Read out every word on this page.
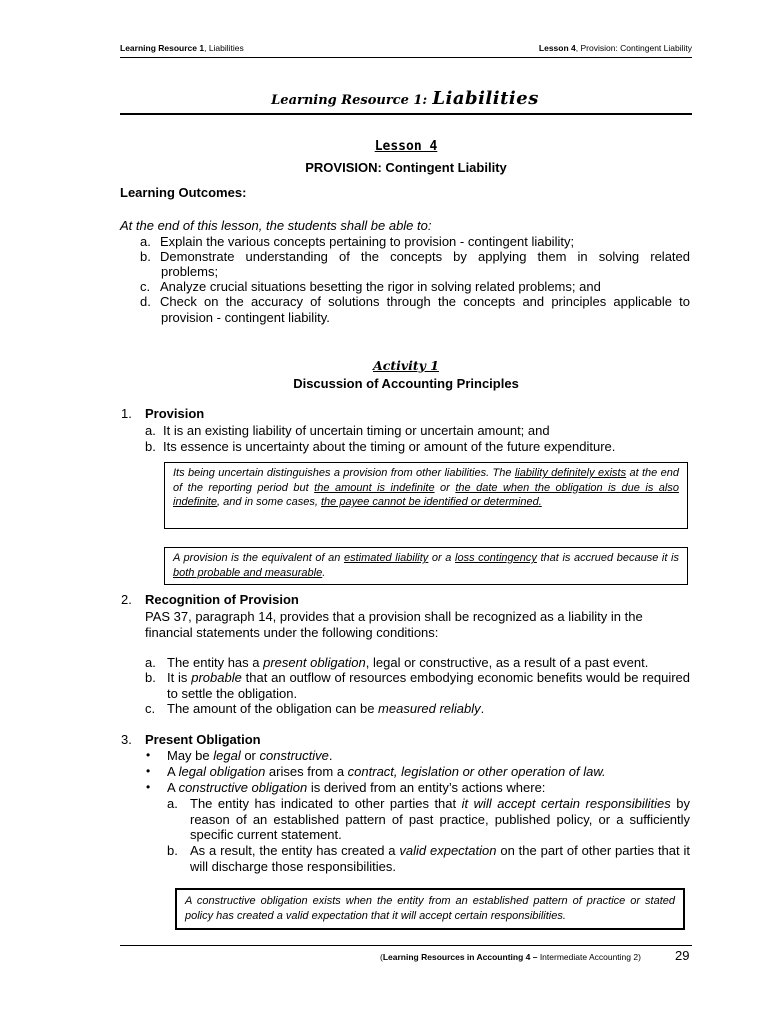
Learning Resource 1, Liabilities	Lesson 4, Provision: Contingent Liability
Learning Resource 1: Liabilities
Lesson 4
PROVISION: Contingent Liability
Learning Outcomes:
At the end of this lesson, the students shall be able to:
a. Explain the various concepts pertaining to provision - contingent liability;
b. Demonstrate understanding of the concepts by applying them in solving related
problems;
c. Analyze crucial situations besetting the rigor in solving related problems; and
d. Check on the accuracy of solutions through the concepts and principles applicable to
provision - contingent liability.
Activity 1
Discussion of Accounting Principles
1. Provision
a. It is an existing liability of uncertain timing or uncertain amount; and
b. Its essence is uncertainty about the timing or amount of the future expenditure.
Its being uncertain distinguishes a provision from other liabilities. The liability definitely exists at the end of the reporting period but the amount is indefinite or the date when the obligation is due is also indefinite, and in some cases, the payee cannot be identified or determined.
A provision is the equivalent of an estimated liability or a loss contingency that is accrued because it is both probable and measurable.
2. Recognition of Provision
PAS 37, paragraph 14, provides that a provision shall be recognized as a liability in the financial statements under the following conditions:
a. The entity has a present obligation, legal or constructive, as a result of a past event.
b. It is probable that an outflow of resources embodying economic benefits would be required to settle the obligation.
c. The amount of the obligation can be measured reliably.
3. Present Obligation
• May be legal or constructive.
• A legal obligation arises from a contract, legislation or other operation of law.
• A constructive obligation is derived from an entity’s actions where:
a. The entity has indicated to other parties that it will accept certain responsibilities by reason of an established pattern of past practice, published policy, or a sufficiently specific current statement.
b. As a result, the entity has created a valid expectation on the part of other parties that it will discharge those responsibilities.
A constructive obligation exists when the entity from an established pattern of practice or stated policy has created a valid expectation that it will accept certain responsibilities.
(Learning Resources in Accounting 4 – Intermediate Accounting 2)	29
